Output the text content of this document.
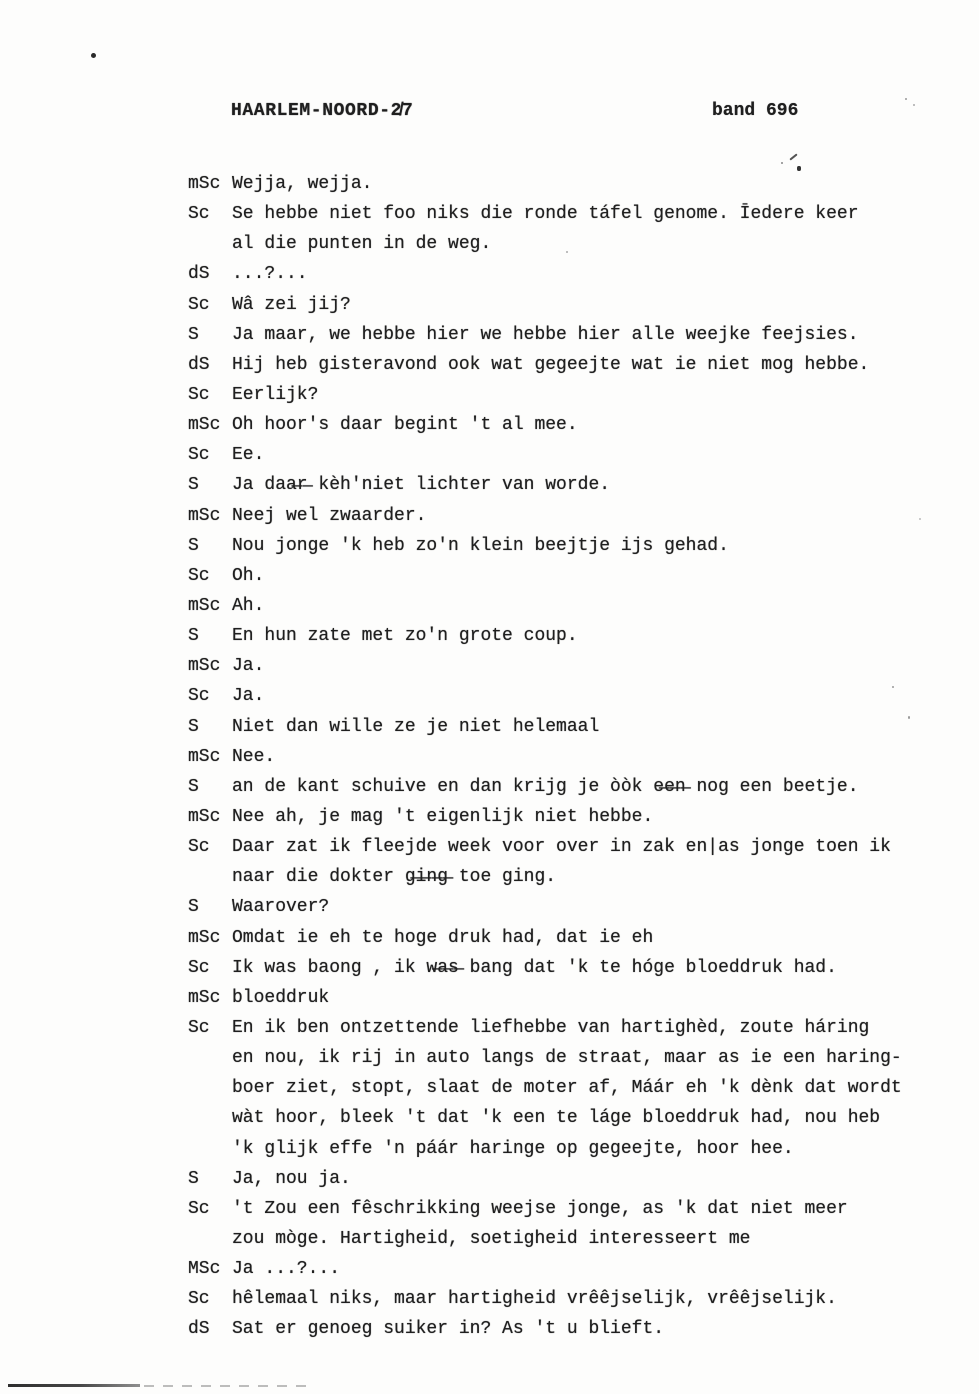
HAARLEM-NOORD-2̸7	band 696
mSc Wejja, wejja.
Sc	Se hebbe niet foo niks die ronde táfel genome. Īedere keer
al die punten in de weg.
dS	...?...
Sc	Wâ zei jij?
S	Ja maar, we hebbe hier we hebbe hier alle weejke feejsies.
dS	Hij heb gisteravond ook wat gegeejte wat ie niet mog hebbe.
Sc	Eerlijk?
mSc Oh hoor's daar begint 't al mee.
Sc	Ee.
S	Ja daa̶r̶ kèh'niet lichter van worde.
mSc Neej wel zwaarder.
S	Nou jonge 'k heb zo'n klein beejtje ijs gehad.
Sc	Oh.
mSc Ah.
S	En hun zate met zo'n grote coup.
mSc Ja.
Sc	Ja.
S	Niet dan wille ze je niet helemaal
mSc Nee.
S	an de kant schuive en dan krijg je òòk e̶e̶n̶ nog een beetje.
mSc Nee ah, je mag 't eigenlijk niet hebbe.
Sc	Daar zat ik fleejde week voor over in zak en|as jonge toen ik
naar die dokter g̶i̶n̶g̶ toe ging.
S	Waarover?
mSc Omdat ie eh te hoge druk had, dat ie eh
Sc	Ik was baong , ik w̶a̶s̶ bang dat 'k te hóge bloeddruk had.
mSc bloeddruk
Sc	En ik ben ontzettende liefhebbe van hartighèd, zoute háring
en nou, ik rij in auto langs de straat, maar as ie een haring-
boer ziet, stopt, slaat de moter af, Máár eh 'k dènk dat wordt
wàt hoor, bleek 't dat 'k een te láge bloeddruk had, nou heb
'k glijk effe 'n páár haringe op gegeejte, hoor hee.
S	Ja, nou ja.
Sc	't Zou een fêschrikking weejse jonge, as 'k dat niet meer
zou mòge. Hartigheid, soetigheid interesseert me
MSc Ja ...?...
Sc	hêlemaal niks, maar hartigheid vrêêjselijk, vrêêjselijk.
dS	Sat er genoeg suiker in? As 't u blieft.
